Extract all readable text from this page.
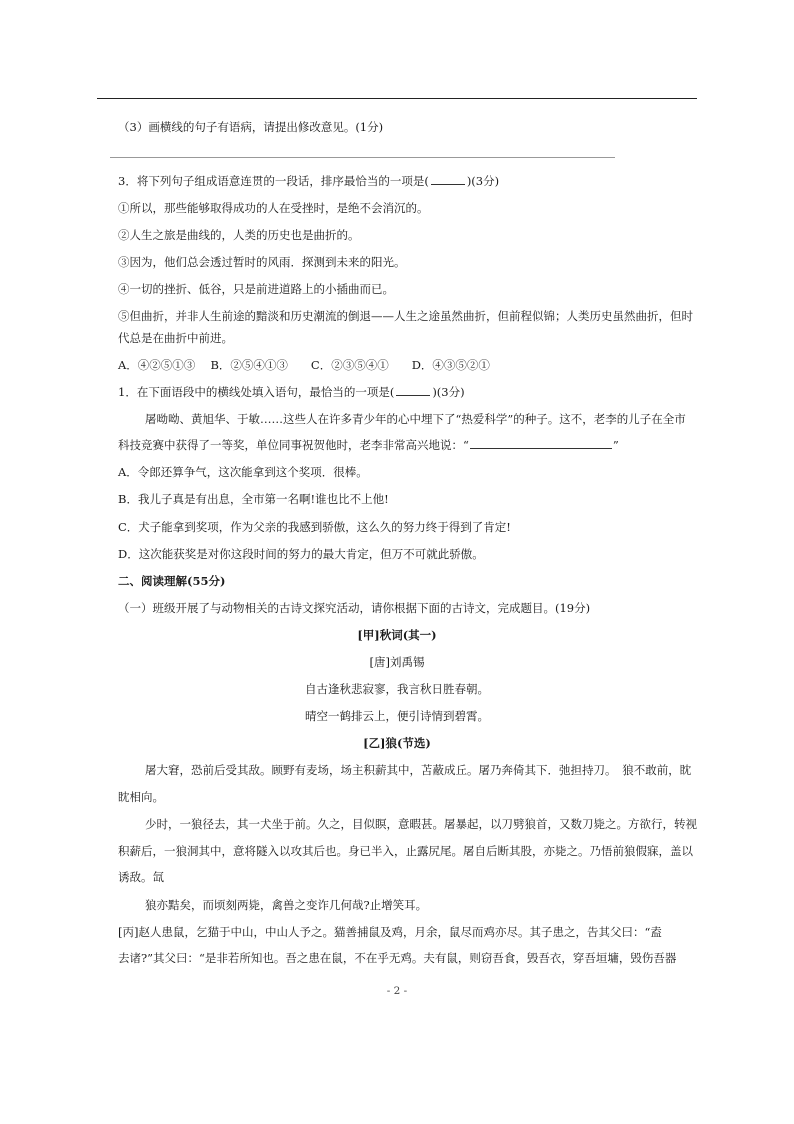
（3）画横线的句子有语病，请提出修改意见。(1分)
3．将下列句子组成语意连贯的一段话，排序最恰当的一项是(	)(3分)
①所以，那些能够取得成功的人在受挫时，是绝不会消沉的。
②人生之旅是曲线的，人类的历史也是曲折的。
③因为，他们总会透过暂时的风雨．探测到未来的阳光。
④一切的挫折、低谷，只是前进道路上的小插曲而已。
⑤但曲折，并非人生前途的黯淡和历史潮流的倒退——人生之途虽然曲折，但前程似锦；人类历史虽然曲折，但时
代总是在曲折中前进。
A．④②⑤①③　 B．②⑤④①③　　C．②③⑤④①　　D．④③⑤②①
1．在下面语段中的横线处填入语句，最恰当的一项是(	)(3分)
屠呦呦、黄旭华、于敏……这些人在许多青少年的心中埋下了“热爱科学”的种子。这不，老李的儿子在全市
科技竞赛中获得了一等奖，单位同事祝贺他时，老李非常高兴地说：“	”
A．令郎还算争气，这次能拿到这个奖项．很棒。
B．我儿子真是有出息，全市第一名啊!谁也比不上他!
C．犬子能拿到奖项，作为父亲的我感到骄傲，这么久的努力终于得到了肯定!
D．这次能获奖是对你这段时间的努力的最大肯定，但万不可就此骄傲。
二、阅读理解(55分)
（一）班级开展了与动物相关的古诗文探究活动，请你根据下面的古诗文，完成题目。(19分)
[甲]秋词(其一)
[唐]刘禹锡
自古逢秋悲寂寥，我言秋日胜春朝。
晴空一鹤排云上，便引诗情到碧霄。
[乙]狼(节选)
屠大窘，恐前后受其敌。顾野有麦场，场主积薪其中，苫蔽成丘。屠乃奔倚其下．弛担持刀。　狼不敢前，眈
眈相向。
少时，一狼径去，其一犬坐于前。久之，目似瞑，意暇甚。屠暴起，以刀劈狼首，又数刀毙之。方欲行，转视
积薪后，一狼洞其中，意将隧入以攻其后也。身已半入，止露尻尾。屠自后断其股，亦毙之。乃悟前狼假寐，盖以
诱敌。氙
狼亦黠矣，而顷刻两毙，禽兽之变诈几何哉?止增笑耳。
[丙]赵人患鼠，乞猫于中山，中山人予之。猫善捕鼠及鸡，月余，鼠尽而鸡亦尽。其子患之，告其父曰：“盍
去诸?”其父曰：“是非若所知也。吾之患在鼠，不在乎无鸡。夫有鼠，则窃吾食，毁吾衣，穿吾垣墉，毁伤吾器
- 2 -
